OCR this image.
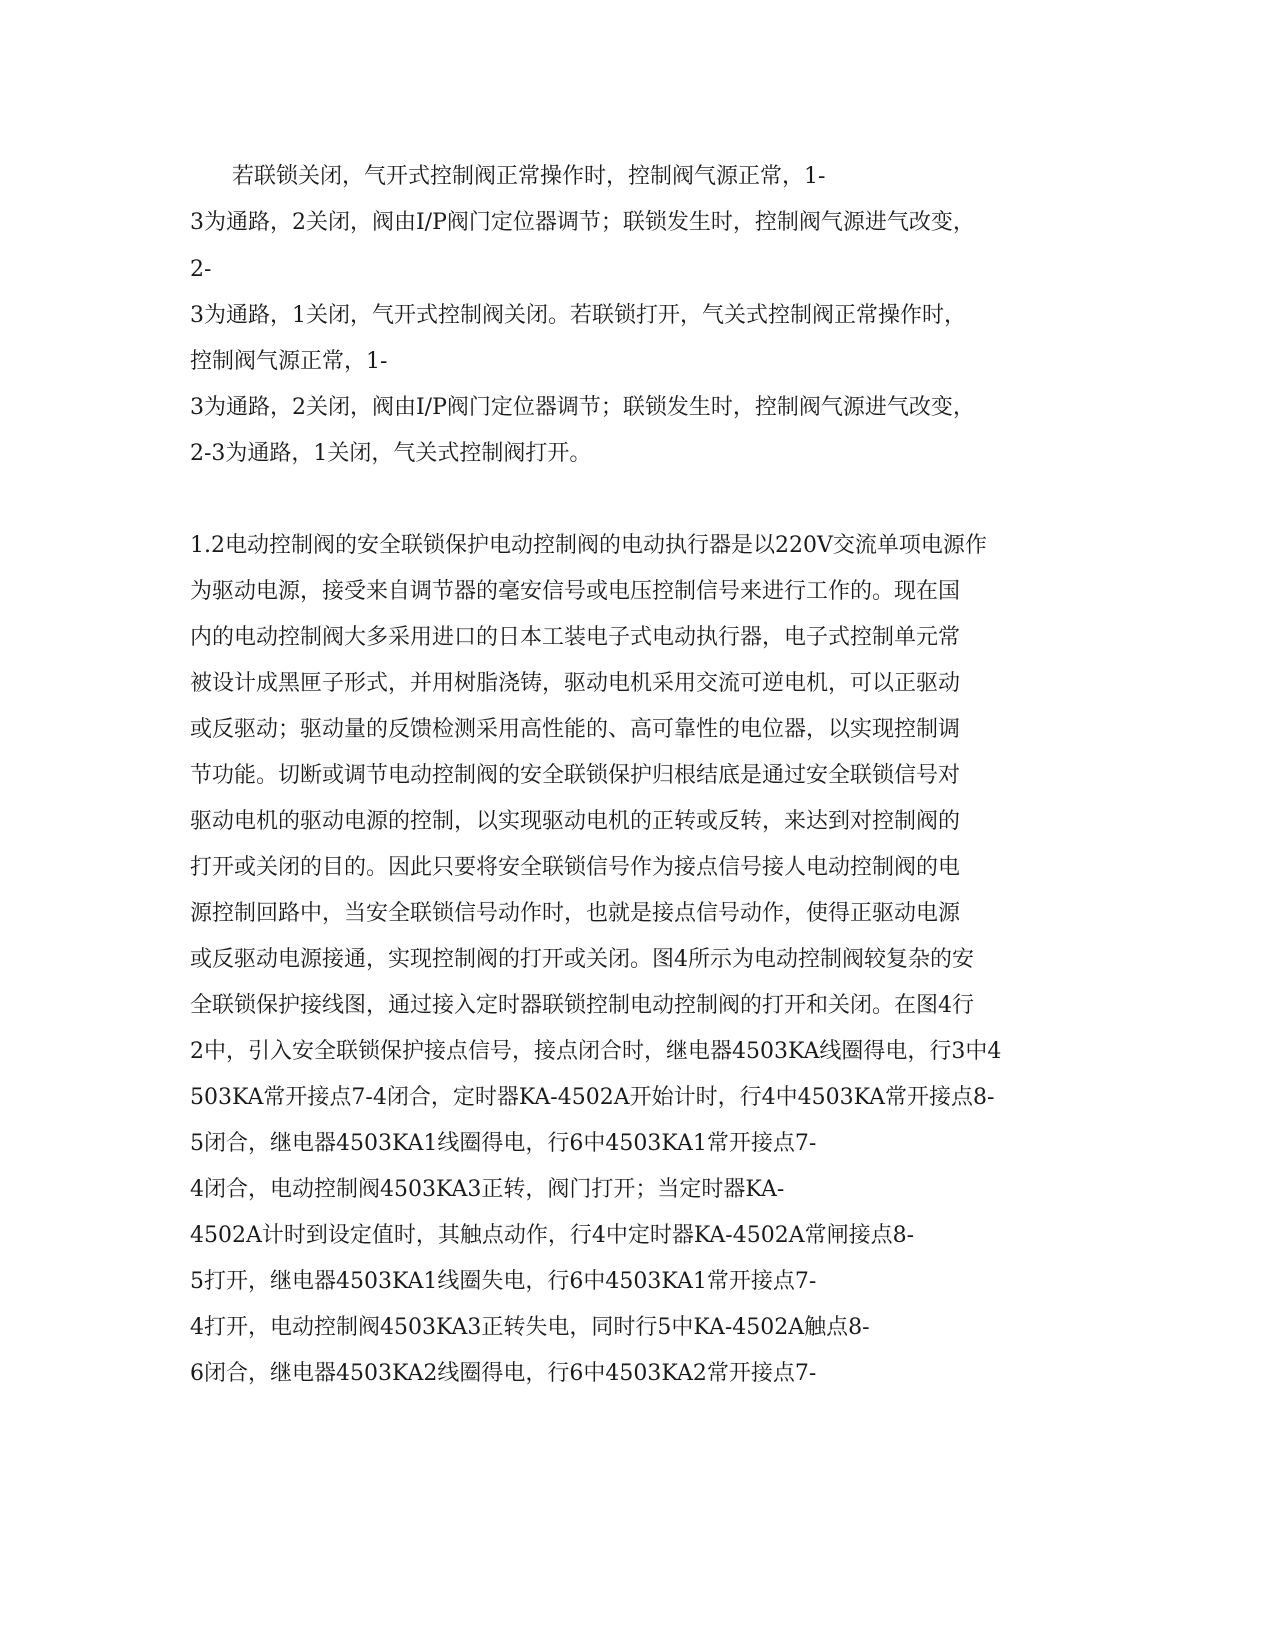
若联锁关闭，气开式控制阀正常操作时，控制阀气源正常，1-
3为通路，2关闭，阀由I/P阀门定位器调节；联锁发生时，控制阀气源进气改变，
2-
3为通路，1关闭，气开式控制阀关闭。若联锁打开，气关式控制阀正常操作时，
控制阀气源正常，1-
3为通路，2关闭，阀由I/P阀门定位器调节；联锁发生时，控制阀气源进气改变，
2-3为通路，1关闭，气关式控制阀打开。
1.2电动控制阀的安全联锁保护电动控制阀的电动执行器是以220V交流单项电源作
为驱动电源，接受来自调节器的毫安信号或电压控制信号来进行工作的。现在国
内的电动控制阀大多采用进口的日本工装电子式电动执行器，电子式控制单元常
被设计成黑匣子形式，并用树脂浇铸，驱动电机采用交流可逆电机，可以正驱动
或反驱动；驱动量的反馈检测采用高性能的、高可靠性的电位器，以实现控制调
节功能。切断或调节电动控制阀的安全联锁保护归根结底是通过安全联锁信号对
驱动电机的驱动电源的控制，以实现驱动电机的正转或反转，来达到对控制阀的
打开或关闭的目的。因此只要将安全联锁信号作为接点信号接人电动控制阀的电
源控制回路中，当安全联锁信号动作时，也就是接点信号动作，使得正驱动电源
或反驱动电源接通，实现控制阀的打开或关闭。图4所示为电动控制阀较复杂的安
全联锁保护接线图，通过接入定时器联锁控制电动控制阀的打开和关闭。在图4行
2中，引入安全联锁保护接点信号，接点闭合时，继电器4503KA线圈得电，行3中4
503KA常开接点7-4闭合，定时器KA-4502A开始计时，行4中4503KA常开接点8-
5闭合，继电器4503KA1线圈得电，行6中4503KA1常开接点7-
4闭合，电动控制阀4503KA3正转，阀门打开；当定时器KA-
4502A计时到设定值时，其触点动作，行4中定时器KA-4502A常闸接点8-
5打开，继电器4503KA1线圈失电，行6中4503KA1常开接点7-
4打开，电动控制阀4503KA3正转失电，同时行5中KA-4502A触点8-
6闭合，继电器4503KA2线圈得电，行6中4503KA2常开接点7-
